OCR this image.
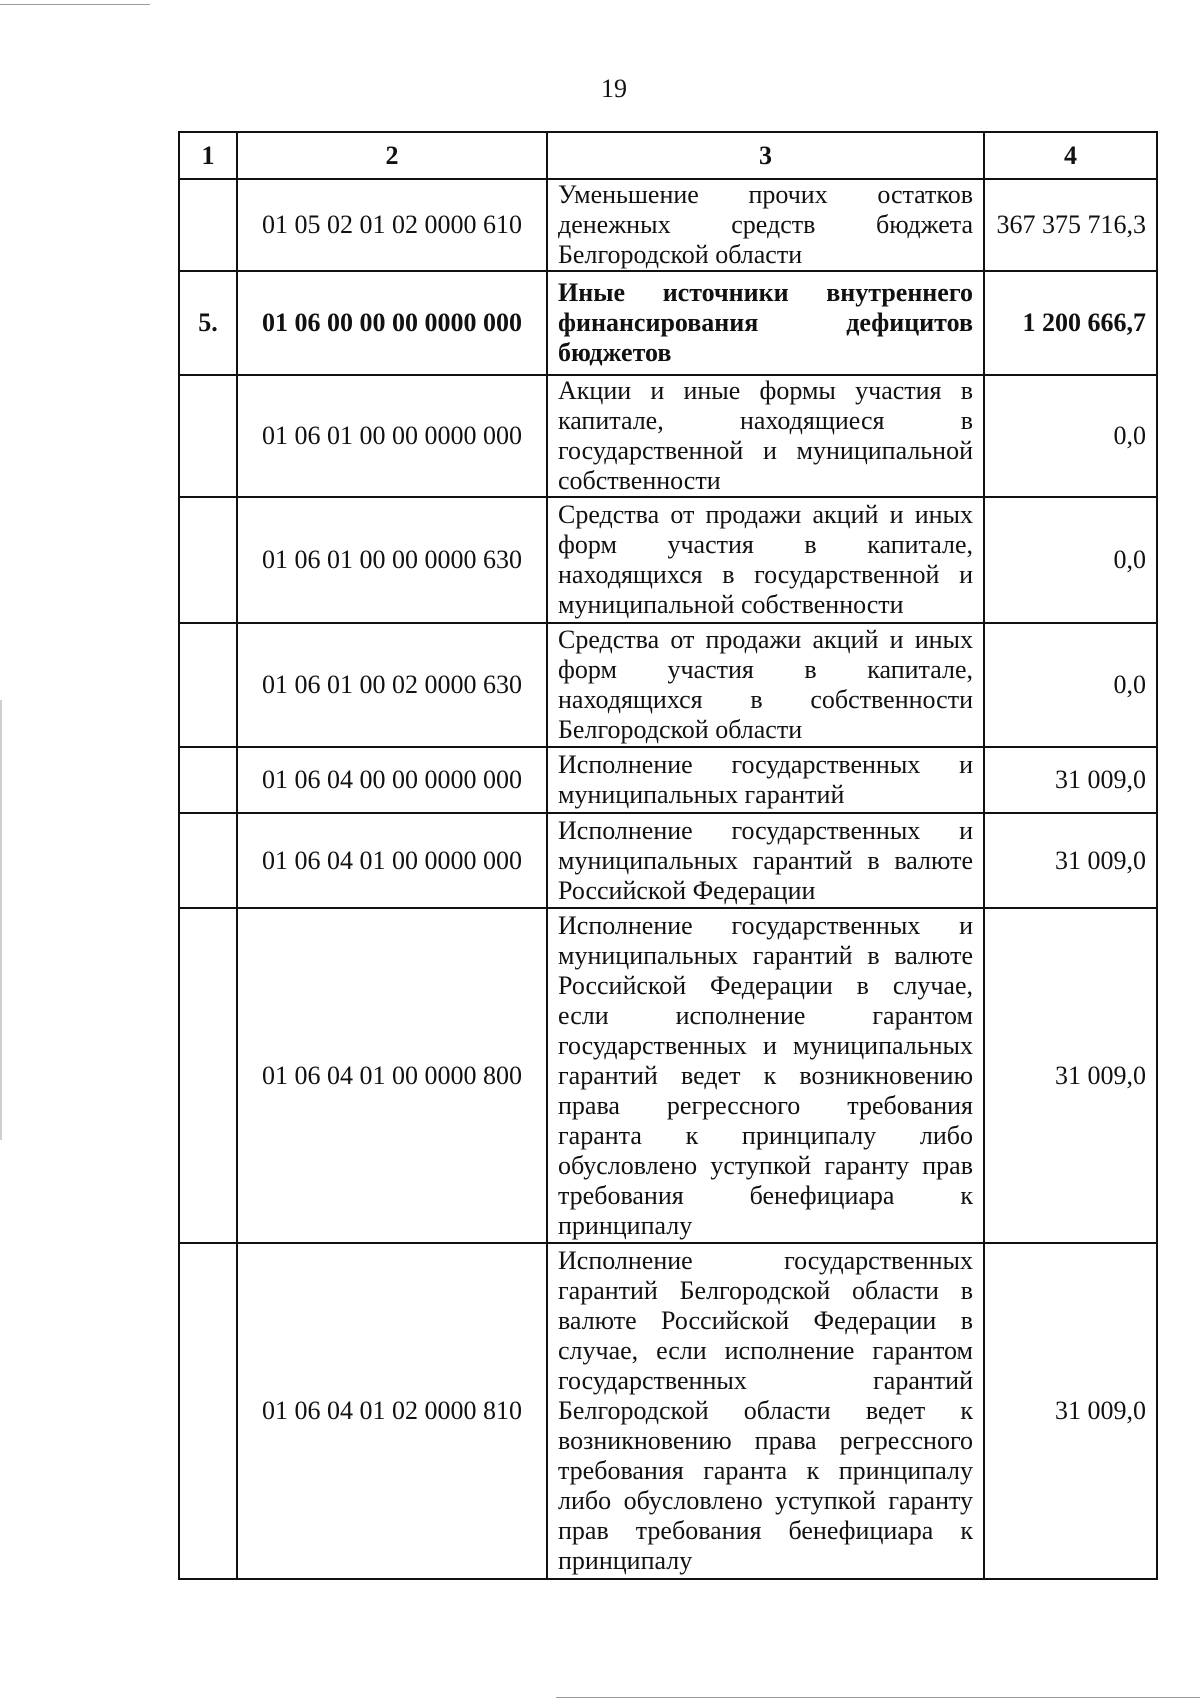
19
1	2	3	4
	01 05 02 01 02 0000 610	Уменьшение прочих остатков денежных средств бюджета Белгородской области	367 375 716,3
5.	01 06 00 00 00 0000 000	Иные источники внутреннего финансирования дефицитов бюджетов	1 200 666,7
	01 06 01 00 00 0000 000	Акции и иные формы участия в капитале, находящиеся в государственной и муниципальной собственности	0,0
	01 06 01 00 00 0000 630	Средства от продажи акций и иных форм участия в капитале, находящихся в государственной и муниципальной собственности	0,0
	01 06 01 00 02 0000 630	Средства от продажи акций и иных форм участия в капитале, находящихся в собственности Белгородской области	0,0
	01 06 04 00 00 0000 000	Исполнение государственных и муниципальных гарантий	31 009,0
	01 06 04 01 00 0000 000	Исполнение государственных и муниципальных гарантий в валюте Российской Федерации	31 009,0
	01 06 04 01 00 0000 800	Исполнение государственных и муниципальных гарантий в валюте Российской Федерации в случае, если исполнение гарантом государственных и муниципальных гарантий ведет к возникновению права регрессного требования гаранта к принципалу либо обусловлено уступкой гаранту прав требования бенефициара к принципалу	31 009,0
	01 06 04 01 02 0000 810	Исполнение государственных гарантий Белгородской области в валюте Российской Федерации в случае, если исполнение гарантом государственных гарантий Белгородской области ведет к возникновению права регрессного требования гаранта к принципалу либо обусловлено уступкой гаранту прав требования бенефициара к принципалу	31 009,0
